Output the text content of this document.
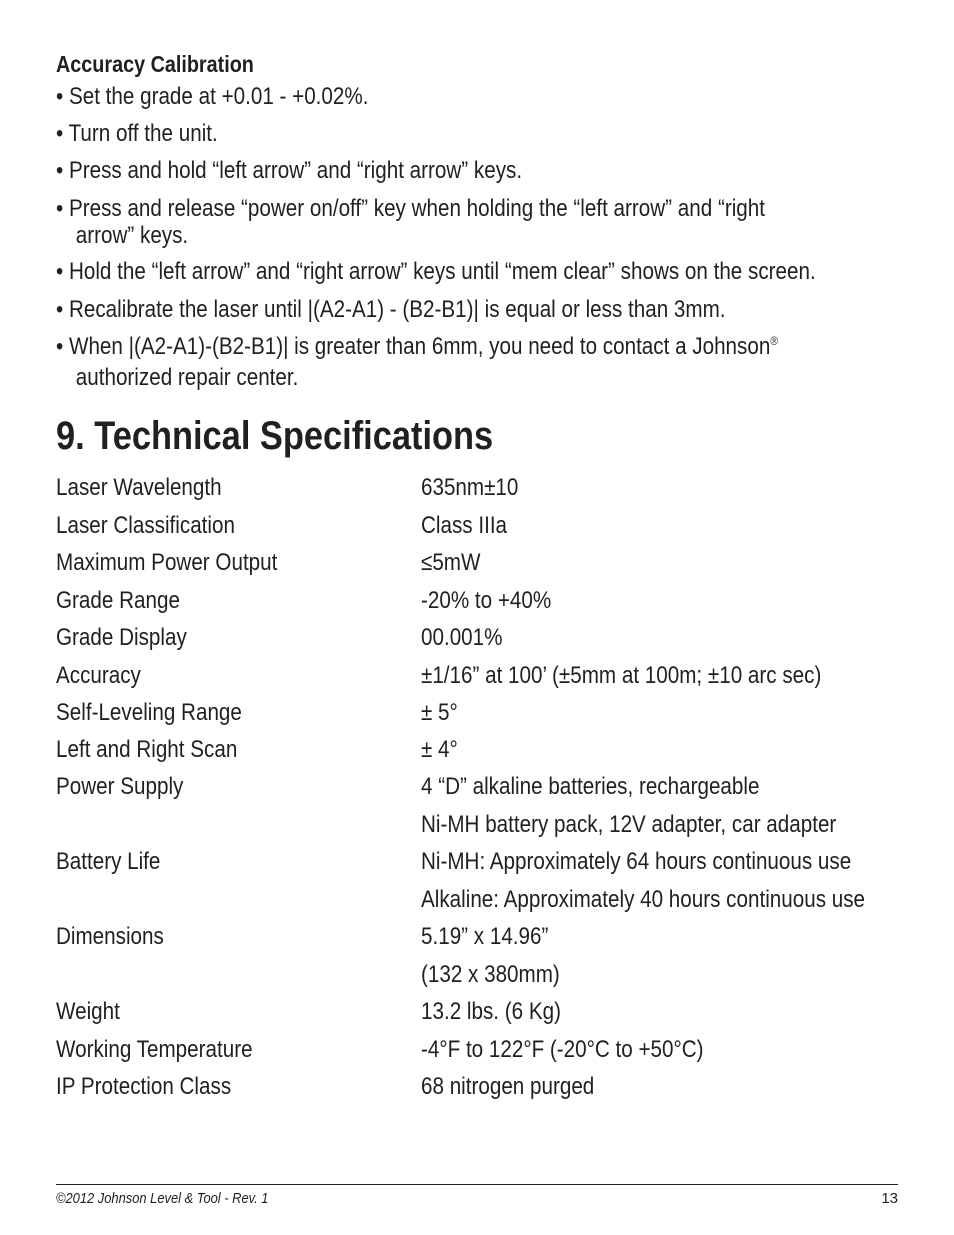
Accuracy Calibration
• Set the grade at +0.01 - +0.02%.
• Turn off the unit.
• Press and hold “left arrow” and “right arrow” keys.
• Press and release “power on/off” key when holding the “left arrow” and “right
arrow” keys.
• Hold the “left arrow” and “right arrow” keys until “mem clear” shows on the screen.
• Recalibrate the laser until |(A2-A1) - (B2-B1)| is equal or less than 3mm.
• When |(A2-A1)-(B2-B1)| is greater than 6mm, you need to contact a Johnson®
authorized repair center.
9. Technical Specifications
Laser Wavelength	635nm±10
Laser Classification	Class IIIa
Maximum Power Output	≤5mW
Grade Range	-20% to +40%
Grade Display	00.001%
Accuracy	±1/16” at 100’ (±5mm at 100m; ±10 arc sec)
Self-Leveling Range	± 5°
Left and Right Scan	± 4°
Power Supply	4 “D” alkaline batteries, rechargeable
Ni-MH battery pack, 12V adapter, car adapter
Battery Life	Ni-MH: Approximately 64 hours continuous use
Alkaline: Approximately 40 hours continuous use
Dimensions	5.19” x 14.96”
(132 x 380mm)
Weight	13.2 lbs. (6 Kg)
Working Temperature	-4°F to 122°F (-20°C to +50°C)
IP Protection Class	68 nitrogen purged
©2012 Johnson Level & Tool - Rev. 1	13
